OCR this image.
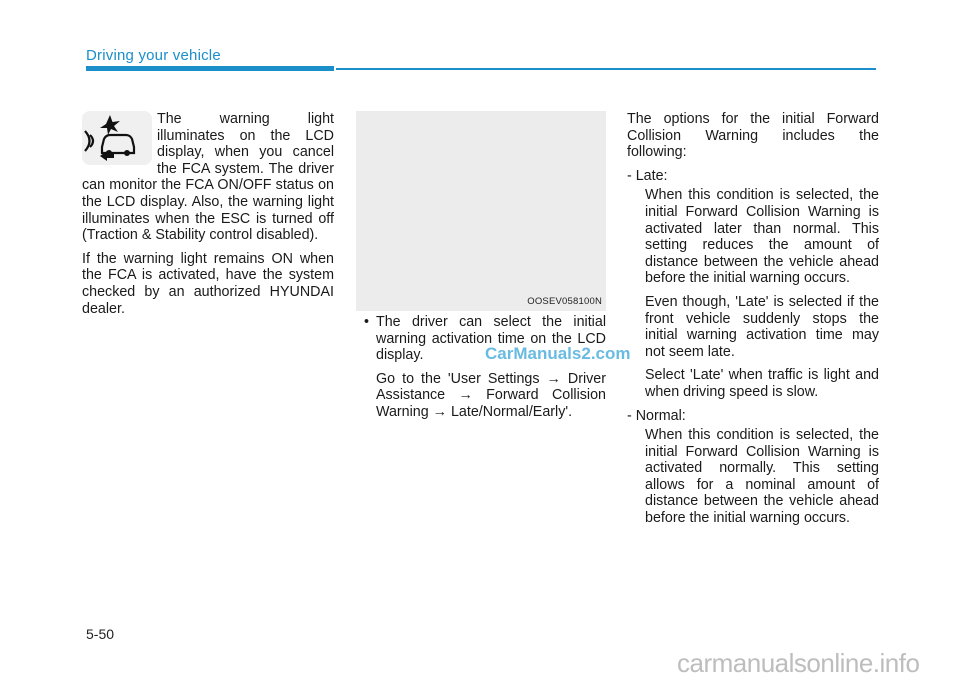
Driving your vehicle

The warning light illuminates on the LCD display, when you cancel the FCA system. The driver can monitor the FCA ON/OFF status on the LCD display. Also, the warning light illuminates when the ESC is turned off (Traction & Stability control disabled).

If the warning light remains ON when the FCA is activated, have the system checked by an authorized HYUNDAI dealer.	OOSEV058100N

• The driver can select the initial warning activation time on the LCD display.

Go to the 'User Settings → Driver Assistance → Forward Collision Warning → Late/Normal/Early'.

The options for the initial Forward Collision Warning includes the following:

- Late:

When this condition is selected, the initial Forward Collision Warning is activated later than normal. This setting reduces the amount of distance between the vehicle ahead before the initial warning occurs.

Even though, 'Late' is selected if the front vehicle suddenly stops the initial warning activation time may not seem late.

Select 'Late' when traffic is light and when driving speed is slow.

- Normal:

When this condition is selected, the initial Forward Collision Warning is activated normally. This setting allows for a nominal amount of distance between the vehicle ahead before the initial warning occurs.

CarManuals2.com
5-50
carmanualsonline.info
